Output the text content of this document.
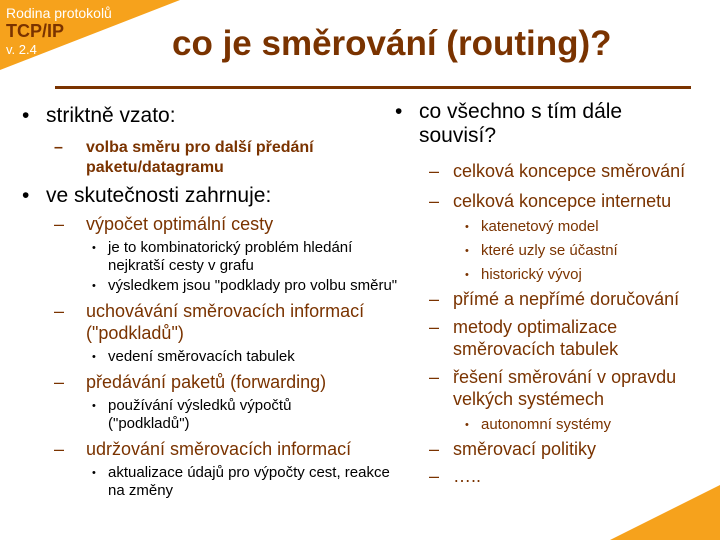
Rodina protokolů
TCP/IP
v. 2.4	co je směrování (routing)?
• striktně vzato:
– volba směru pro další předání paketu/datagramu
• ve skutečnosti zahrnuje:
– výpočet optimální cesty
• je to kombinatorický problém hledání nejkratší cesty v grafu
• výsledkem jsou "podklady pro volbu směru"
– uchovávání směrovacích informací ("podkladů")
• vedení směrovacích tabulek
– předávání paketů (forwarding)
• používání výsledků výpočtů ("podkladů")
– udržování směrovacích informací
• aktualizace údajů pro výpočty cest, reakce na změny
• co všechno s tím dále souvisí?
– celková koncepce směrování
– celková koncepce internetu
• katenetový model
• které uzly se účastní
• historický vývoj
– přímé a nepřímé doručování
– metody optimalizace směrovacích tabulek
– řešení směrování v opravdu velkých systémech
• autonomní systémy
– směrovací politiky
– …..
